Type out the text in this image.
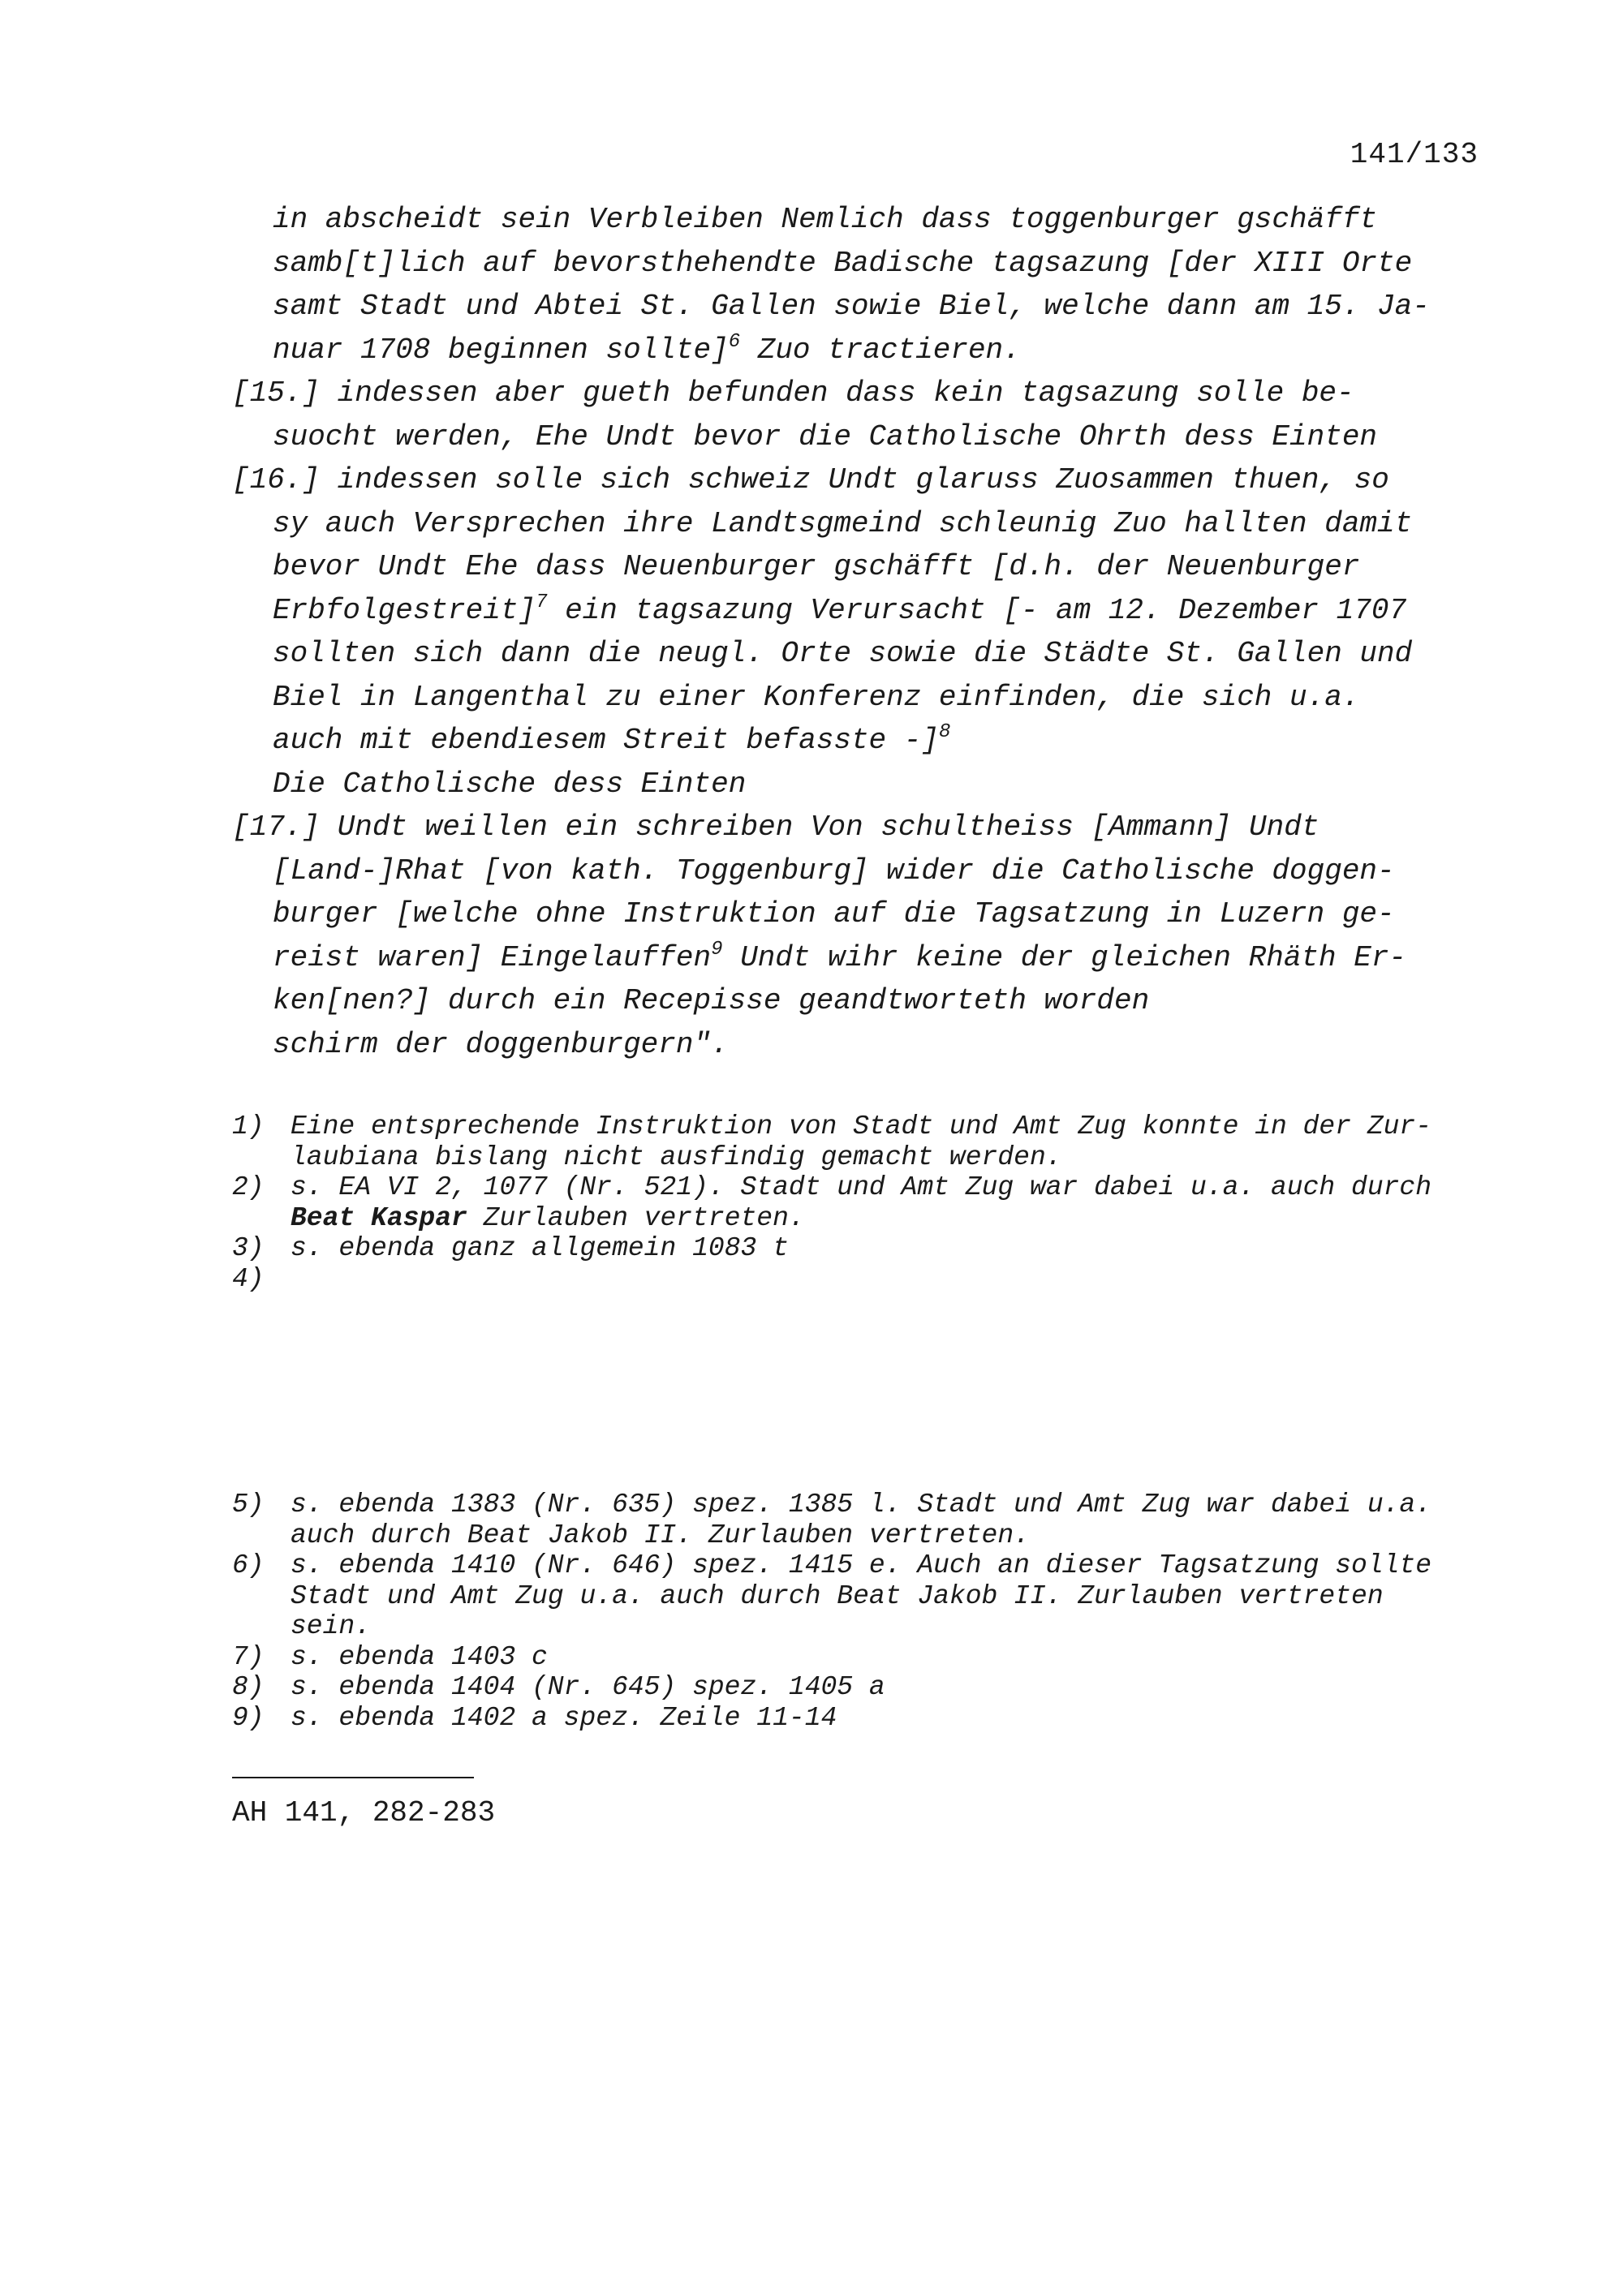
141/133
in abscheidt sein Verbleiben Nemlich dass toggenburger gschäfft
samb[t]lich auf bevorsthehendte Badische tagsazung [der XIII Orte
samt Stadt und Abtei St. Gallen sowie Biel, welche dann am 15. Ja-
nuar 1708 beginnen sollte]$^6$ Zuo tractieren.
[15.] indessen aber gueth befunden dass kein tagsazung solle be-
suocht werden, Ehe Undt bevor die Catholische Ohrth dess Einten
[16.] indessen solle sich schweiz Undt glaruss Zuosammen thuen, so
sy auch Versprechen ihre Landtsgmeind schleunig Zuo hallten damit
bevor Undt Ehe dass Neuenburger gschäfft [d.h. der Neuenburger
Erbfolgestreit]$^7$ ein tagsazung Verursacht [- am 12. Dezember 1707
sollten sich dann die neugl. Orte sowie die Städte St. Gallen und
Biel in Langenthal zu einer Konferenz einfinden, die sich u.a.
auch mit ebendiesem Streit befasste -]$^8$
Die Catholische dess Einten
[17.] Undt weillen ein schreiben Von schultheiss [Ammann] Undt
[Land-]Rhat [von kath. Toggenburg] wider die Catholische doggen-
burger [welche ohne Instruktion auf die Tagsatzung in Luzern ge-
reist waren] Eingelauffen$^9$ Undt wihr keine der gleichen Rhäth Er-
ken[nen?] durch ein Recepisse geandtworteth worden
schirm der doggenburgern".
1) Eine entsprechende Instruktion von Stadt und Amt Zug konnte in der Zur-
laubiana bislang nicht ausfindig gemacht werden.
2) s. EA VI 2, 1077 (Nr. 521). Stadt und Amt Zug war dabei u.a. auch durch
Beat Kaspar Zurlauben vertreten.
3) s. ebenda ganz allgemein 1083 t
4)
5) s. ebenda 1383 (Nr. 635) spez. 1385 l. Stadt und Amt Zug war dabei u.a.
auch durch Beat Jakob II. Zurlauben vertreten.
6) s. ebenda 1410 (Nr. 646) spez. 1415 e. Auch an dieser Tagsatzung sollte
Stadt und Amt Zug u.a. auch durch Beat Jakob II. Zurlauben vertreten
sein.
7) s. ebenda 1403 c
8) s. ebenda 1404 (Nr. 645) spez. 1405 a
9) s. ebenda 1402 a spez. Zeile 11-14
AH 141, 282-283
